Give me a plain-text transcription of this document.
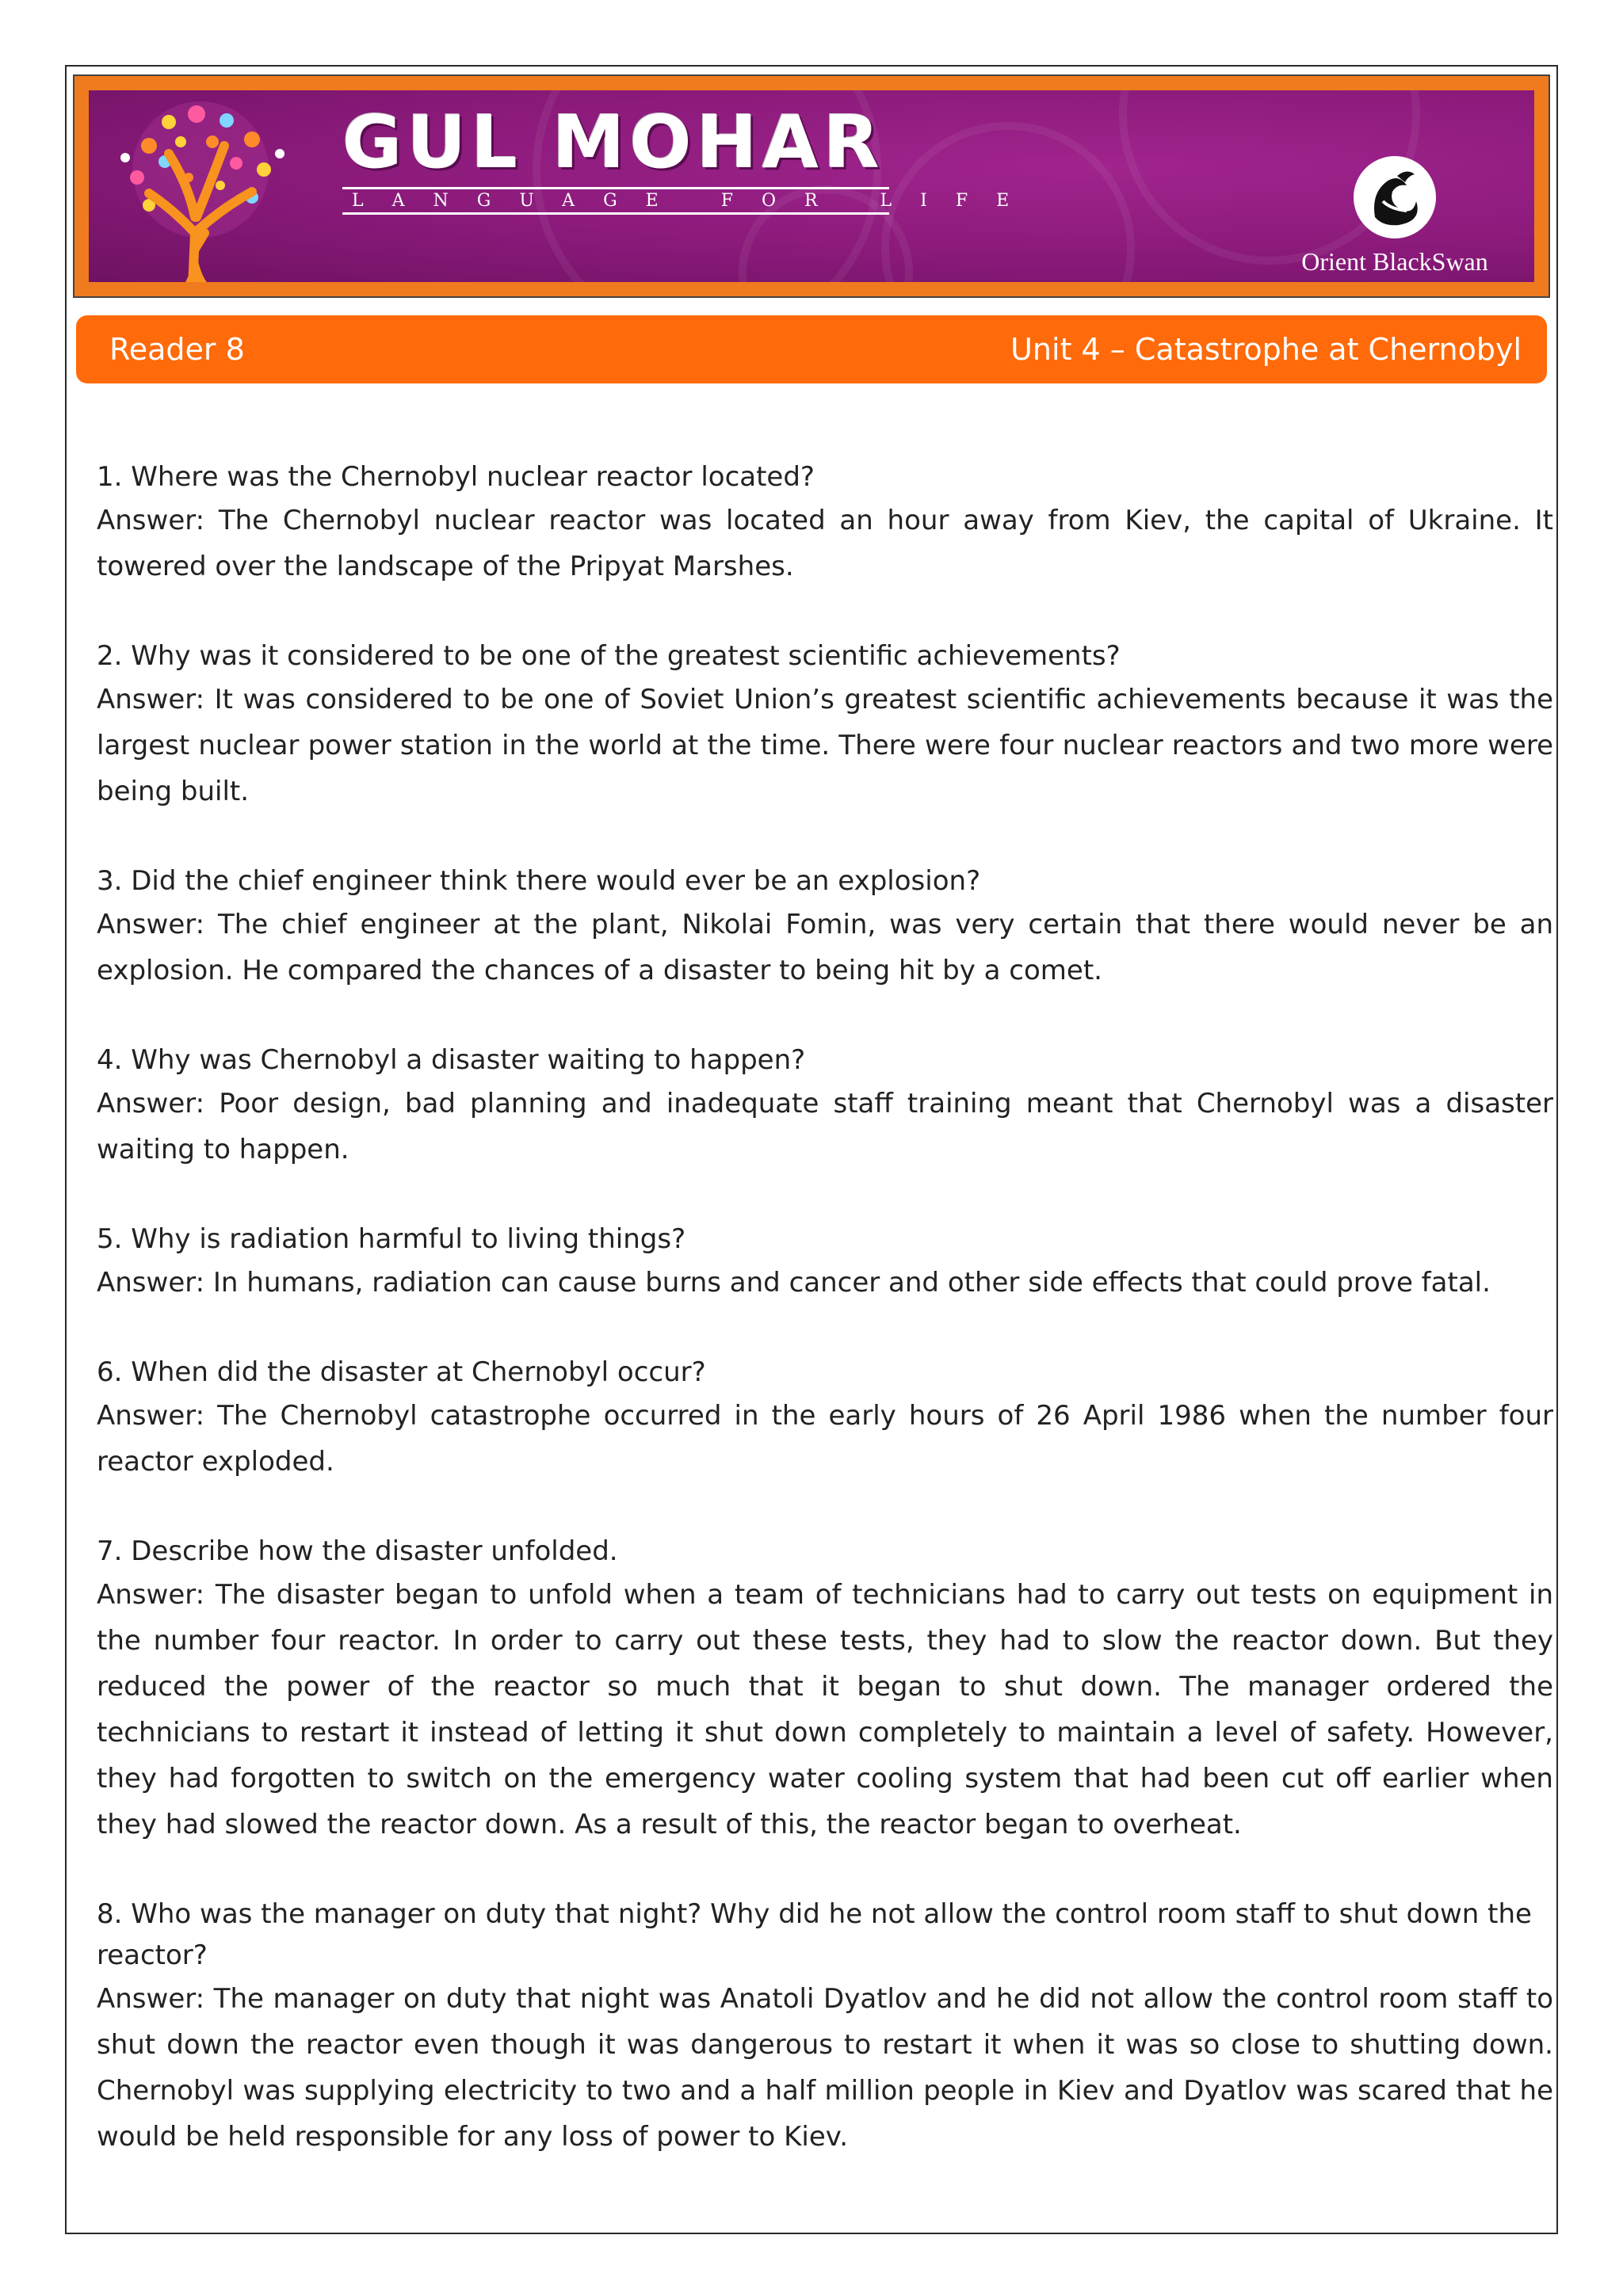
GUL MOHAR
LANGUAGE FOR LIFE
Orient BlackSwan
Reader 8	Unit 4 – Catastrophe at Chernobyl
1. Where was the Chernobyl nuclear reactor located?
Answer: The Chernobyl nuclear reactor was located an hour away from Kiev, the capital of Ukraine. It towered over the landscape of the Pripyat Marshes.
2. Why was it considered to be one of the greatest scientific achievements?
Answer: It was considered to be one of Soviet Union’s greatest scientific achievements because it was the largest nuclear power station in the world at the time. There were four nuclear reactors and two more were being built.
3. Did the chief engineer think there would ever be an explosion?
Answer: The chief engineer at the plant, Nikolai Fomin, was very certain that there would never be an explosion. He compared the chances of a disaster to being hit by a comet.
4. Why was Chernobyl a disaster waiting to happen?
Answer: Poor design, bad planning and inadequate staff training meant that Chernobyl was a disaster waiting to happen.
5. Why is radiation harmful to living things?
Answer: In humans, radiation can cause burns and cancer and other side effects that could prove fatal.
6. When did the disaster at Chernobyl occur?
Answer: The Chernobyl catastrophe occurred in the early hours of 26 April 1986 when the number four reactor exploded.
7. Describe how the disaster unfolded.
Answer: The disaster began to unfold when a team of technicians had to carry out tests on equipment in the number four reactor. In order to carry out these tests, they had to slow the reactor down. But they reduced the power of the reactor so much that it began to shut down. The manager ordered the technicians to restart it instead of letting it shut down completely to maintain a level of safety. However, they had forgotten to switch on the emergency water cooling system that had been cut off earlier when they had slowed the reactor down. As a result of this, the reactor began to overheat.
8. Who was the manager on duty that night? Why did he not allow the control room staff to shut down the reactor?
Answer: The manager on duty that night was Anatoli Dyatlov and he did not allow the control room staff to shut down the reactor even though it was dangerous to restart it when it was so close to shutting down. Chernobyl was supplying electricity to two and a half million people in Kiev and Dyatlov was scared that he would be held responsible for any loss of power to Kiev.
